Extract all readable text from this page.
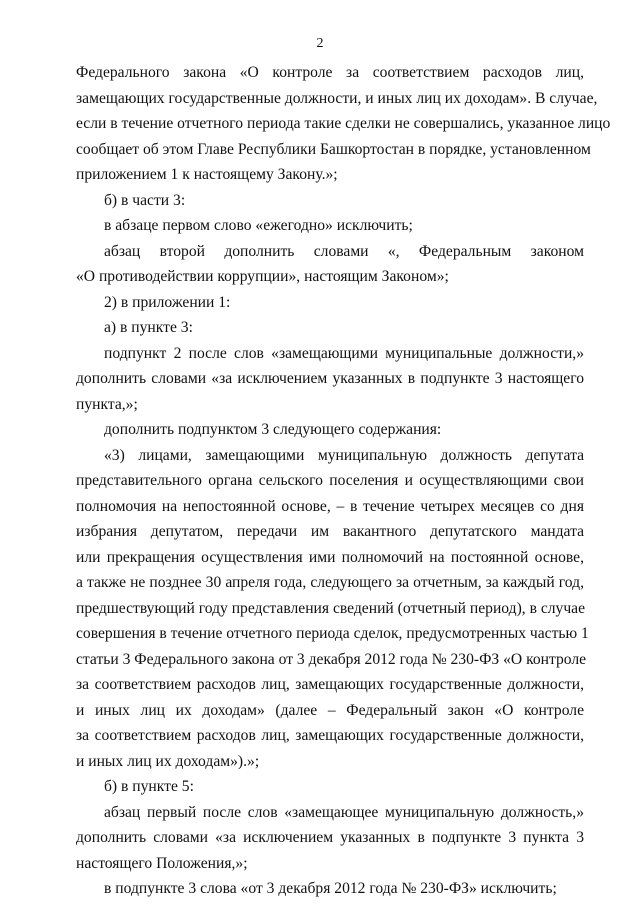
2
Федерального закона «О контроле за соответствием расходов лиц,
замещающих государственные должности, и иных лиц их доходам». В случае,
если в течение отчетного периода такие сделки не совершались, указанное лицо
сообщает об этом Главе Республики Башкортостан в порядке, установленном
приложением 1 к настоящему Закону.»;
б) в части 3:
в абзаце первом слово «ежегодно» исключить;
абзац второй дополнить словами «, Федеральным законом
«О противодействии коррупции», настоящим Законом»;
2) в приложении 1:
а) в пункте 3:
подпункт 2 после слов «замещающими муниципальные должности,»
дополнить словами «за исключением указанных в подпункте 3 настоящего
пункта,»;
дополнить подпунктом 3 следующего содержания:
«3) лицами, замещающими муниципальную должность депутата
представительного органа сельского поселения и осуществляющими свои
полномочия на непостоянной основе, – в течение четырех месяцев со дня
избрания депутатом, передачи им вакантного депутатского мандата
или прекращения осуществления ими полномочий на постоянной основе,
а также не позднее 30 апреля года, следующего за отчетным, за каждый год,
предшествующий году представления сведений (отчетный период), в случае
совершения в течение отчетного периода сделок, предусмотренных частью 1
статьи 3 Федерального закона от 3 декабря 2012 года № 230-ФЗ «О контроле
за соответствием расходов лиц, замещающих государственные должности,
и иных лиц их доходам» (далее – Федеральный закон «О контроле
за соответствием расходов лиц, замещающих государственные должности,
и иных лиц их доходам»).»;
б) в пункте 5:
абзац первый после слов «замещающее муниципальную должность,»
дополнить словами «за исключением указанных в подпункте 3 пункта 3
настоящего Положения,»;
в подпункте 3 слова «от 3 декабря 2012 года № 230-ФЗ» исключить;
